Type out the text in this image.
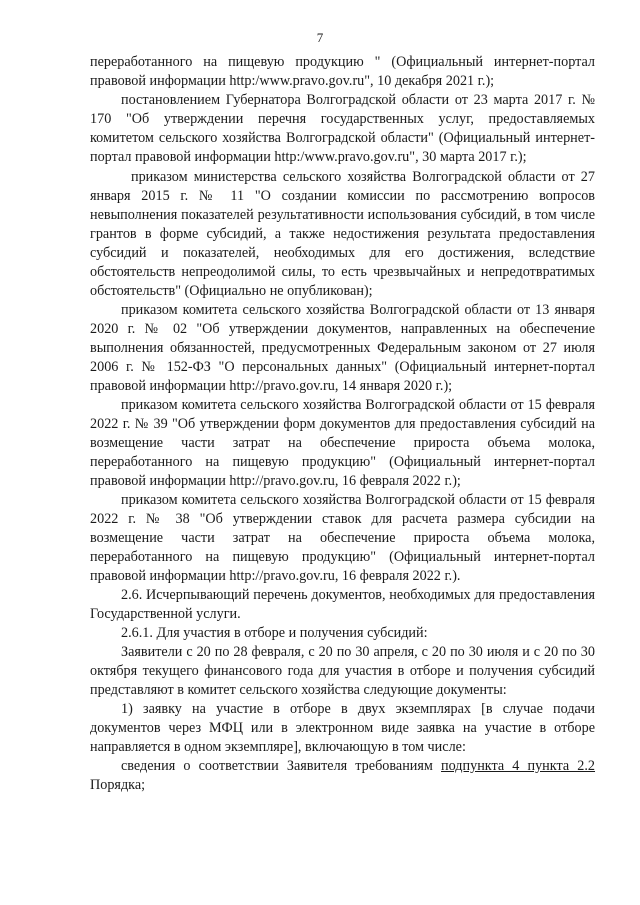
7

переработанного на пищевую продукцию " (Официальный интернет-портал правовой информации http:/www.pravo.gov.ru", 10 декабря 2021 г.);

постановлением Губернатора Волгоградской области от 23 марта 2017 г. № 170 "Об утверждении перечня государственных услуг, предоставляемых комитетом сельского хозяйства Волгоградской области" (Официальный интернет-портал правовой информации http:/www.pravo.gov.ru", 30 марта 2017 г.);

приказом министерства сельского хозяйства Волгоградской области от 27 января 2015 г. № 11 "О создании комиссии по рассмотрению вопросов невыполнения показателей результативности использования субсидий, в том числе грантов в форме субсидий, а также недостижения результата предоставления субсидий и показателей, необходимых для его достижения, вследствие обстоятельств непреодолимой силы, то есть чрезвычайных и непредотвратимых обстоятельств" (Официально не опубликован);

приказом комитета сельского хозяйства Волгоградской области от 13 января 2020 г. № 02 "Об утверждении документов, направленных на обеспечение выполнения обязанностей, предусмотренных Федеральным законом от 27 июля 2006 г. № 152-ФЗ "О персональных данных" (Официальный интернет-портал правовой информации http://pravo.gov.ru, 14 января 2020 г.);

приказом комитета сельского хозяйства Волгоградской области от 15 февраля 2022 г. № 39 "Об утверждении форм документов для предоставления субсидий на возмещение части затрат на обеспечение прироста объема молока, переработанного на пищевую продукцию" (Официальный интернет-портал правовой информации http://pravo.gov.ru, 16 февраля 2022 г.);

приказом комитета сельского хозяйства Волгоградской области от 15 февраля 2022 г. № 38 "Об утверждении ставок для расчета размера субсидии на возмещение части затрат на обеспечение прироста объема молока, переработанного на пищевую продукцию" (Официальный интернет-портал правовой информации http://pravo.gov.ru, 16 февраля 2022 г.).

2.6. Исчерпывающий перечень документов, необходимых для предоставления Государственной услуги.

2.6.1. Для участия в отборе и получения субсидий:

Заявители с 20 по 28 февраля, с 20 по 30 апреля, с 20 по 30 июля и с 20 по 30 октября текущего финансового года для участия в отборе и получения субсидий представляют в комитет сельского хозяйства следующие документы:

1) заявку на участие в отборе в двух экземплярах [в случае подачи документов через МФЦ или в электронном виде заявка на участие в отборе направляется в одном экземпляре], включающую в том числе:

сведения о соответствии Заявителя требованиям подпункта 4 пункта 2.2 Порядка;
